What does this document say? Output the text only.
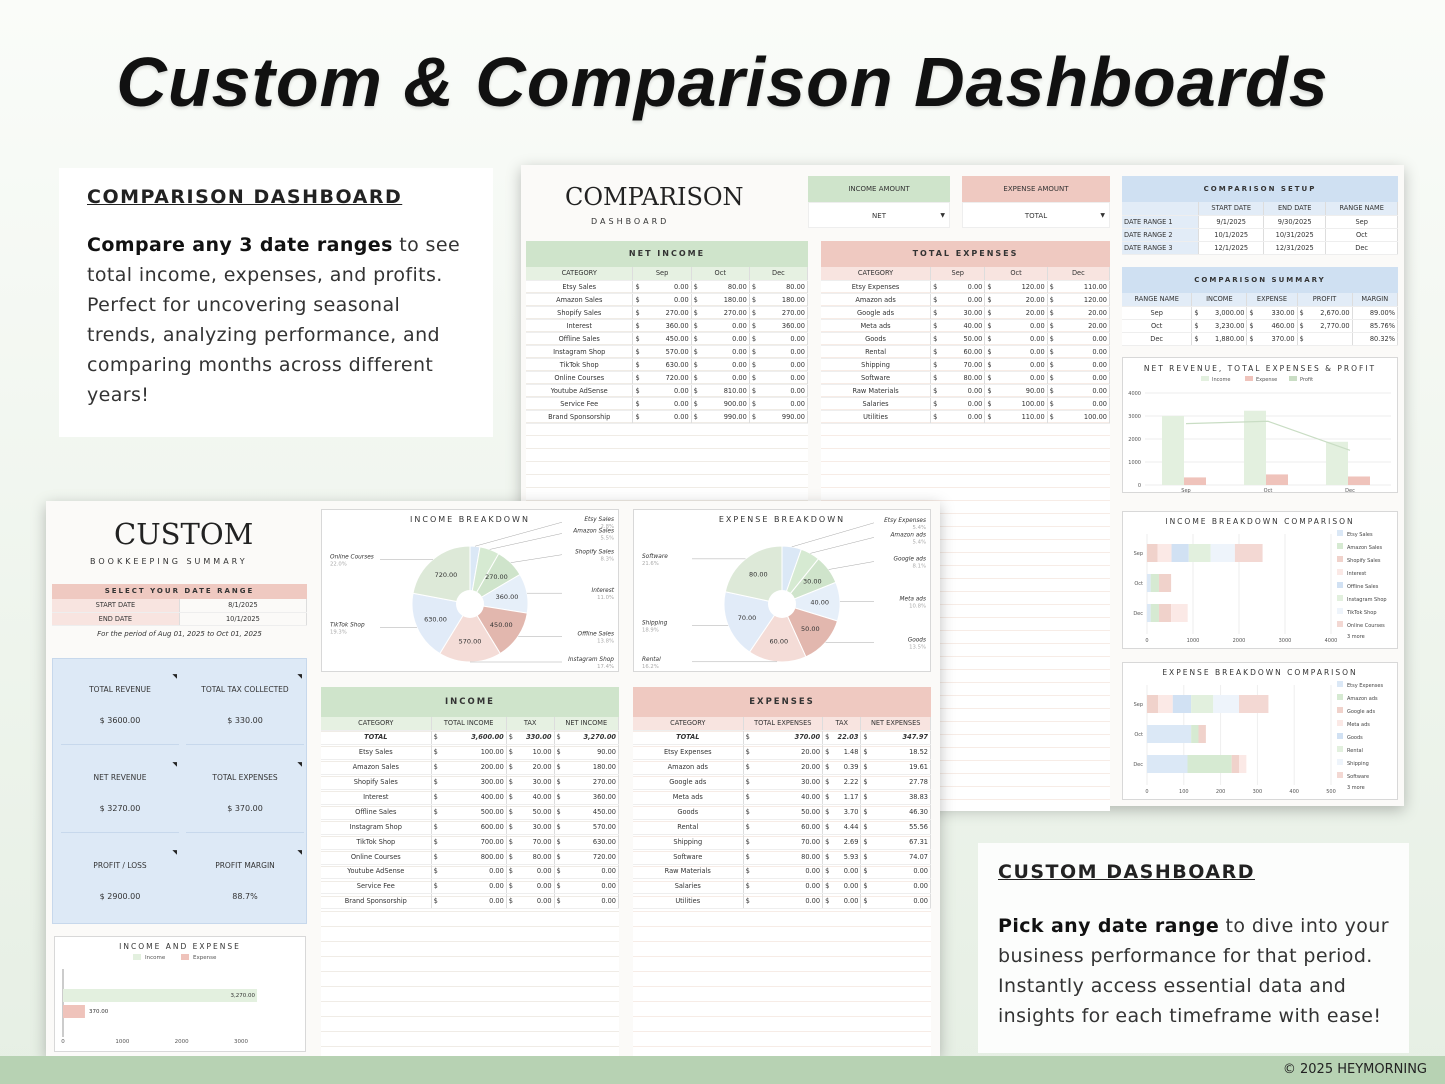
Custom & Comparison Dashboards
COMPARISON DASHBOARD

Compare any 3 date ranges to see total income, expenses, and profits. Perfect for uncovering seasonal trends, analyzing performance, and comparing months across different years!

CUSTOM DASHBOARD

Pick any date range to dive into your business performance for that period. Instantly access essential data and insights for each timeframe with ease!

COMPARISON
DASHBOARD
INCOME AMOUNT
NET	▼
EXPENSE AMOUNT
TOTAL	▼
NET INCOME
CATEGORY	Sep	Oct	Dec
Etsy Sales	$ 0.00	$ 80.00	$ 80.00
Amazon Sales	$ 0.00	$ 180.00	$ 180.00
Shopify Sales	$ 270.00	$ 270.00	$ 270.00
Interest	$ 360.00	$ 0.00	$ 360.00
Offline Sales	$ 450.00	$ 0.00	$ 0.00
Instagram Shop	$ 570.00	$ 0.00	$ 0.00
TikTok Shop	$ 630.00	$ 0.00	$ 0.00
Online Courses	$ 720.00	$ 0.00	$ 0.00
Youtube AdSense	$ 0.00	$ 810.00	$ 0.00
Service Fee	$ 0.00	$ 900.00	$ 0.00
Brand Sponsorship	$ 0.00	$ 990.00	$ 990.00
TOTAL EXPENSES
CATEGORY	Sep	Oct	Dec
Etsy Expenses	$ 0.00	$ 120.00	$ 110.00
Amazon ads	$ 0.00	$ 20.00	$ 120.00
Google ads	$ 30.00	$ 20.00	$ 20.00
Meta ads	$ 40.00	$ 0.00	$ 20.00
Goods	$ 50.00	$ 0.00	$ 0.00
Rental	$ 60.00	$ 0.00	$ 0.00
Shipping	$ 70.00	$ 0.00	$ 0.00
Software	$ 80.00	$ 0.00	$ 0.00
Raw Materials	$ 0.00	$ 90.00	$ 0.00
Salaries	$ 0.00	$ 100.00	$ 0.00
Utilities	$ 0.00	$ 110.00	$ 100.00
COMPARISON SETUP
	START DATE	END DATE	RANGE NAME
DATE RANGE 1	9/1/2025	9/30/2025	Sep
DATE RANGE 2	10/1/2025	10/31/2025	Oct
DATE RANGE 3	12/1/2025	12/31/2025	Dec
COMPARISON SUMMARY
RANGE NAME	INCOME	EXPENSE	PROFIT	MARGIN
Sep	$ 3,000.00	$ 330.00	$ 2,670.00	89.00%
Oct	$ 3,230.00	$ 460.00	$ 2,770.00	85.76%
Dec	$ 1,880.00	$ 370.00	$	80.32%
NET REVENUE, TOTAL EXPENSES & PROFIT
Income	Expense	Profit
0
1000
2000
3000
4000
Sep	Oct	Dec
INCOME BREAKDOWN COMPARISON
0	1000	2000	3000	4000
Sep
Oct
Dec
Etsy Sales
Amazon Sales
Shopify Sales
Interest
Offline Sales
Instagram Shop
TikTok Shop
Online Courses
3 more
EXPENSE BREAKDOWN COMPARISON
0	100	200	300	400	500
Sep
Oct
Dec
Etsy Expenses
Amazon ads
Google ads
Meta ads
Goods
Rental
Shipping
Software
3 more
CUSTOM
BOOKKEEPING SUMMARY
SELECT YOUR DATE RANGE
START DATE	8/1/2025
END DATE	10/1/2025
For the period of Aug 01, 2025 to Oct 01, 2025
TOTAL REVENUE
$ 3600.00
◥
TOTAL TAX COLLECTED
$ 330.00
◥
NET REVENUE
$ 3270.00
◥
TOTAL EXPENSES
$ 370.00
◥
PROFIT / LOSS
$ 2900.00
◥
PROFIT MARGIN
88.7%
◥
INCOME AND EXPENSE
Income	Expense
0	1000	2000	3000
3,270.00
370.00
INCOME BREAKDOWN	Etsy Sales
2.8%
Amazon Sales
5.5%
270.00
Shopify Sales
8.3%
360.00
Interest
11.0%
450.00
Offline Sales
13.8%
570.00
Instagram Shop
17.4%
630.00
TikTok Shop
19.3%
720.00
Online Courses
22.0%
EXPENSE BREAKDOWN	Etsy Expenses
5.4%
Amazon ads
5.4%
30.00
Google ads
8.1%
40.00	Meta ads
10.8%
50.00
Goods
13.5%
60.00
Rental
16.2%
70.00
Shipping
18.9%
80.00
Software
21.6%
INCOME
CATEGORY	TOTAL INCOME	TAX	NET INCOME
TOTAL	$ 3,600.00	$ 330.00	$ 3,270.00
Etsy Sales	$ 100.00	$ 10.00	$ 90.00
Amazon Sales	$ 200.00	$ 20.00	$ 180.00
Shopify Sales	$ 300.00	$ 30.00	$ 270.00
Interest	$ 400.00	$ 40.00	$ 360.00
Offline Sales	$ 500.00	$ 50.00	$ 450.00
Instagram Shop	$ 600.00	$ 30.00	$ 570.00
TikTok Shop	$ 700.00	$ 70.00	$ 630.00
Online Courses	$ 800.00	$ 80.00	$ 720.00
Youtube AdSense	$ 0.00	$ 0.00	$ 0.00
Service Fee	$ 0.00	$ 0.00	$ 0.00
Brand Sponsorship	$ 0.00	$ 0.00	$ 0.00
EXPENSES
CATEGORY	TOTAL EXPENSES	TAX	NET EXPENSES
TOTAL	$ 370.00	$ 22.03	$ 347.97
Etsy Expenses	$ 20.00	$ 1.48	$ 18.52
Amazon ads	$ 20.00	$ 0.39	$ 19.61
Google ads	$ 30.00	$ 2.22	$ 27.78
Meta ads	$ 40.00	$ 1.17	$ 38.83
Goods	$ 50.00	$ 3.70	$ 46.30
Rental	$ 60.00	$ 4.44	$ 55.56
Shipping	$ 70.00	$ 2.69	$ 67.31
Software	$ 80.00	$ 5.93	$ 74.07
Raw Materials	$ 0.00	$ 0.00	$ 0.00
Salaries	$ 0.00	$ 0.00	$ 0.00
Utilities	$ 0.00	$ 0.00	$ 0.00
© 2025 HEYMORNING
